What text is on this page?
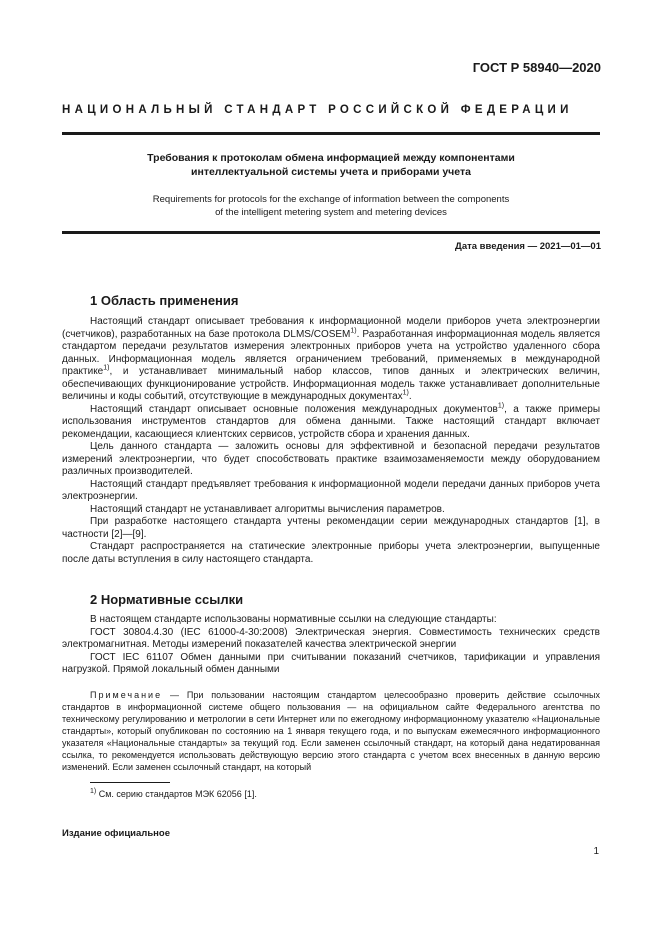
ГОСТ Р 58940—2020
НАЦИОНАЛЬНЫЙ СТАНДАРТ РОССИЙСКОЙ ФЕДЕРАЦИИ
Требования к протоколам обмена информацией между компонентами
интеллектуальной системы учета и приборами учета
Requirements for protocols for the exchange of information between the components
of the intelligent metering system and metering devices
Дата введения — 2021—01—01
1 Область применения

Настоящий стандарт описывает требования к информационной модели приборов учета электроэнергии (счетчиков), разработанных на базе протокола DLMS/COSEM$^{1)}$. Разработанная информационная модель является стандартом передачи результатов измерения электронных приборов учета на устройство удаленного сбора данных. Информационная модель является ограничением требований, применяемых в международной практике$^{1)}$, и устанавливает минимальный набор классов, типов данных и электрических величин, обеспечивающих функционирование устройств. Информационная модель также устанавливает дополнительные величины и коды событий, отсутствующие в международных документах$^{1)}$.

Настоящий стандарт описывает основные положения международных документов$^{1)}$, а также примеры использования инструментов стандартов для обмена данными. Также настоящий стандарт включает рекомендации, касающиеся клиентских сервисов, устройств сбора и хранения данных.

Цель данного стандарта — заложить основы для эффективной и безопасной передачи результатов измерений электроэнергии, что будет способствовать практике взаимозаменяемости между оборудованием различных производителей.

Настоящий стандарт предъявляет требования к информационной модели передачи данных приборов учета электроэнергии.

Настоящий стандарт не устанавливает алгоритмы вычисления параметров.

При разработке настоящего стандарта учтены рекомендации серии международных стандартов [1], в частности [2]—[9].

Стандарт распространяется на статические электронные приборы учета электроэнергии, выпущенные после даты вступления в силу настоящего стандарта.

2 Нормативные ссылки

В настоящем стандарте использованы нормативные ссылки на следующие стандарты:

ГОСТ 30804.4.30 (IEC 61000-4-30:2008) Электрическая энергия. Совместимость технических средств электромагнитная. Методы измерений показателей качества электрической энергии

ГОСТ IEC 61107 Обмен данными при считывании показаний счетчиков, тарификации и управления нагрузкой. Прямой локальный обмен данными

Примечание — При пользовании настоящим стандартом целесообразно проверить действие ссылочных стандартов в информационной системе общего пользования — на официальном сайте Федерального агентства по техническому регулированию и метрологии в сети Интернет или по ежегодному информационному указателю «Национальные стандарты», который опубликован по состоянию на 1 января текущего года, и по выпускам ежемесячного информационного указателя «Национальные стандарты» за текущий год. Если заменен ссылочный стандарт, на который дана недатированная ссылка, то рекомендуется использовать действующую версию этого стандарта с учетом всех внесенных в данную версию изменений. Если заменен ссылочный стандарт, на который

$^{1)}$ См. серию стандартов МЭК 62056 [1].
Издание официальное
1
